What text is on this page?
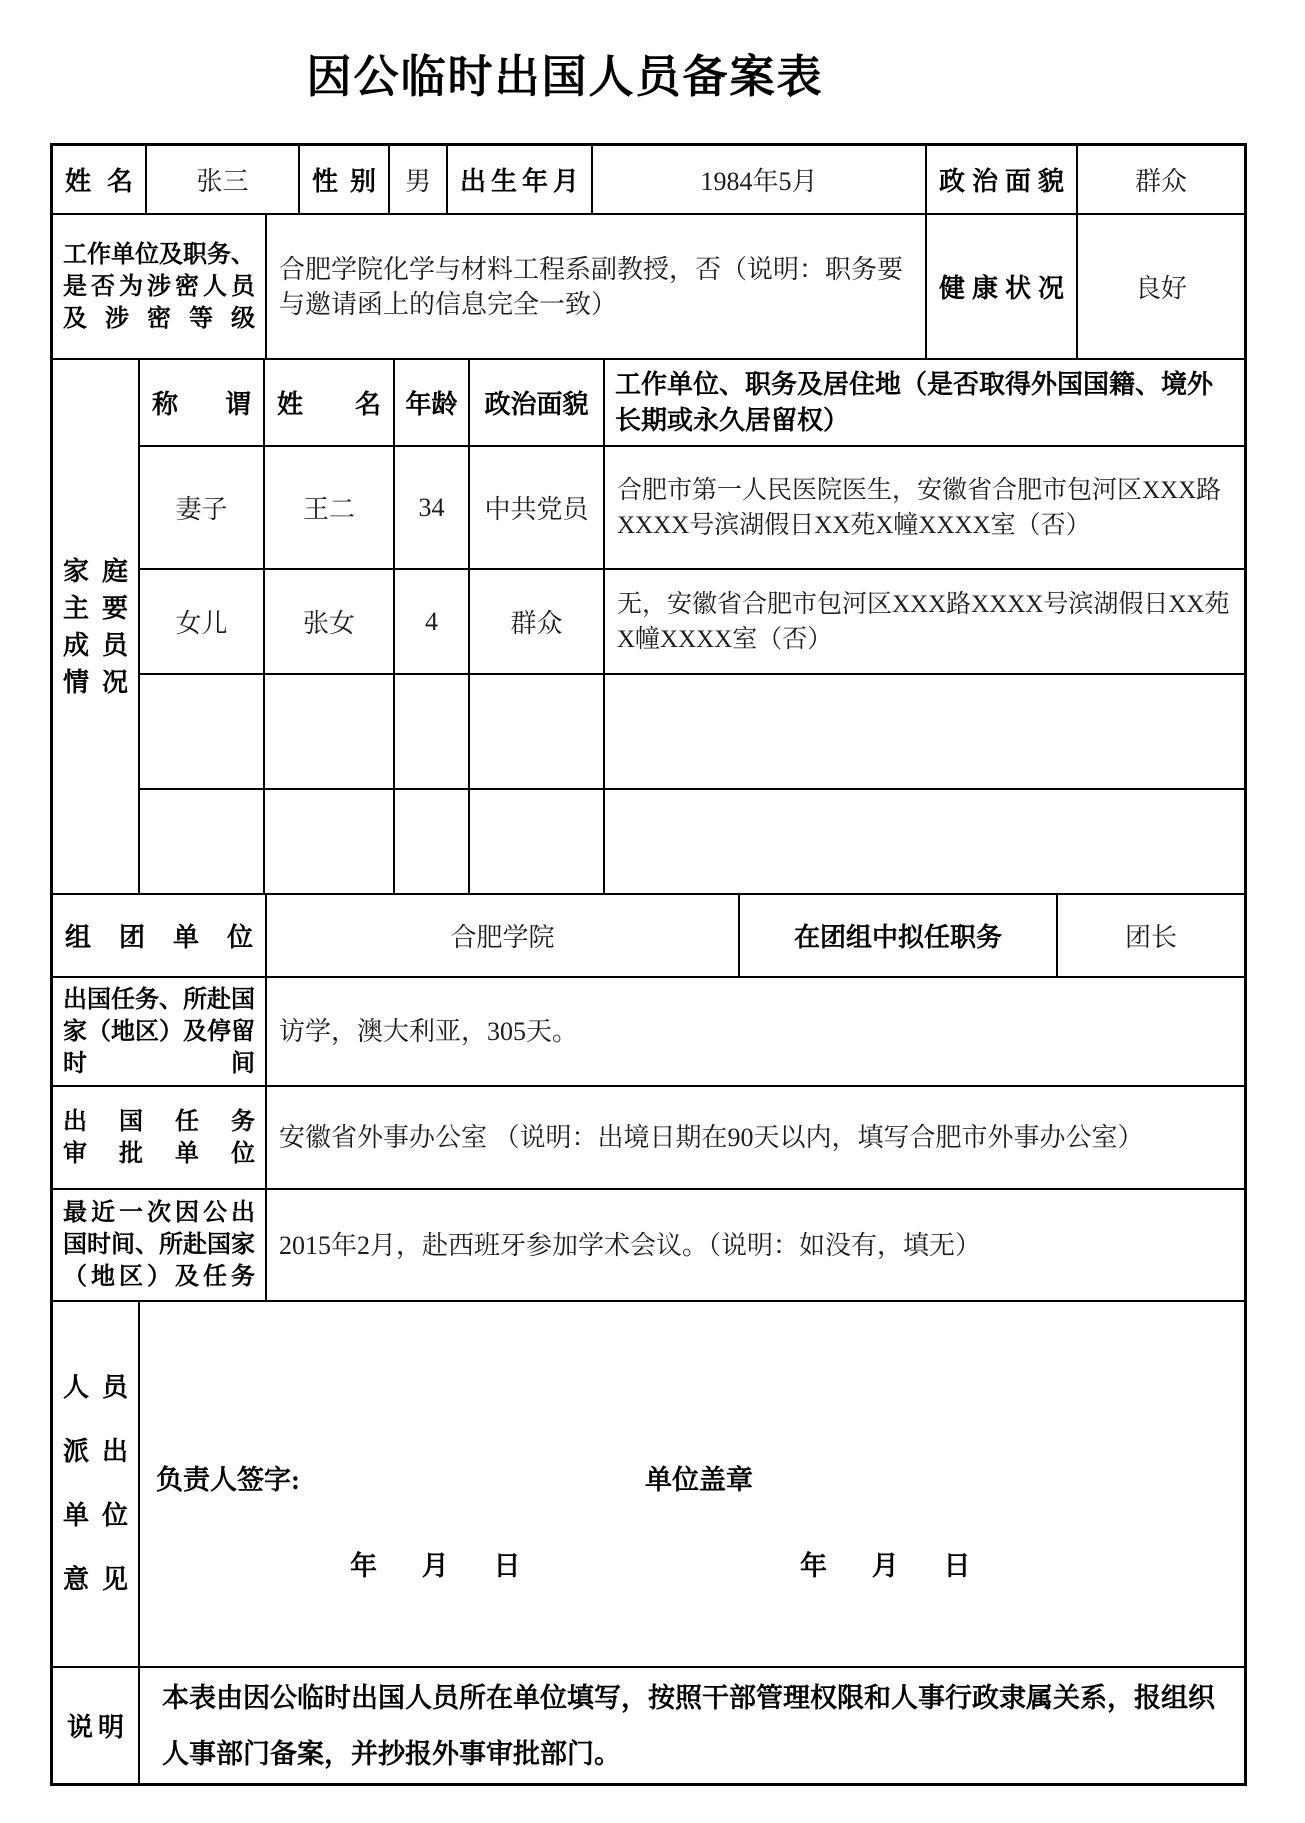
因公临时出国人员备案表
姓名	张三	性别	男	出生年月	1984年5月	政治面貌	群众
工作单位及职务、
是否为涉密人员
及涉密等级
合肥学院化学与材料工程系副教授，否（说明：职务要与邀请函上的信息完全一致）
健康状况	良好
家 庭
主 要
成 员
情 况
称谓	姓名 年龄	政治面貌
工作单位、职务及居住地（是否取得外国国籍、境外长期或永久居留权）
妻子	王二	34	中共党员
合肥市第一人民医院医生，安徽省合肥市包河区XXX路XXXX号滨湖假日XX苑X幢XXXX室（否）
女儿	张女	4	群众
无，安徽省合肥市包河区XXX路XXXX号滨湖假日XX苑X幢XXXX室（否）
组团单位	合肥学院	在团组中拟任职务	团长
出国任务、所赴国
家（地区）及停留
时间
访学，澳大利亚，305天。
出国任务
审批单位
安徽省外事办公室 （说明：出境日期在90天以内，填写合肥市外事办公室）
最近一次因公出
国时间、所赴国家
（地区）及任务
2015年2月，赴西班牙参加学术会议。（说明：如没有，填无）
人 员
派 出
单 位
意 见
负责人签字:	单位盖章
年 月 日	年 月 日
说明
本表由因公临时出国人员所在单位填写，按照干部管理权限和人事行政隶属关系，报组织人事部门备案，并抄报外事审批部门。
